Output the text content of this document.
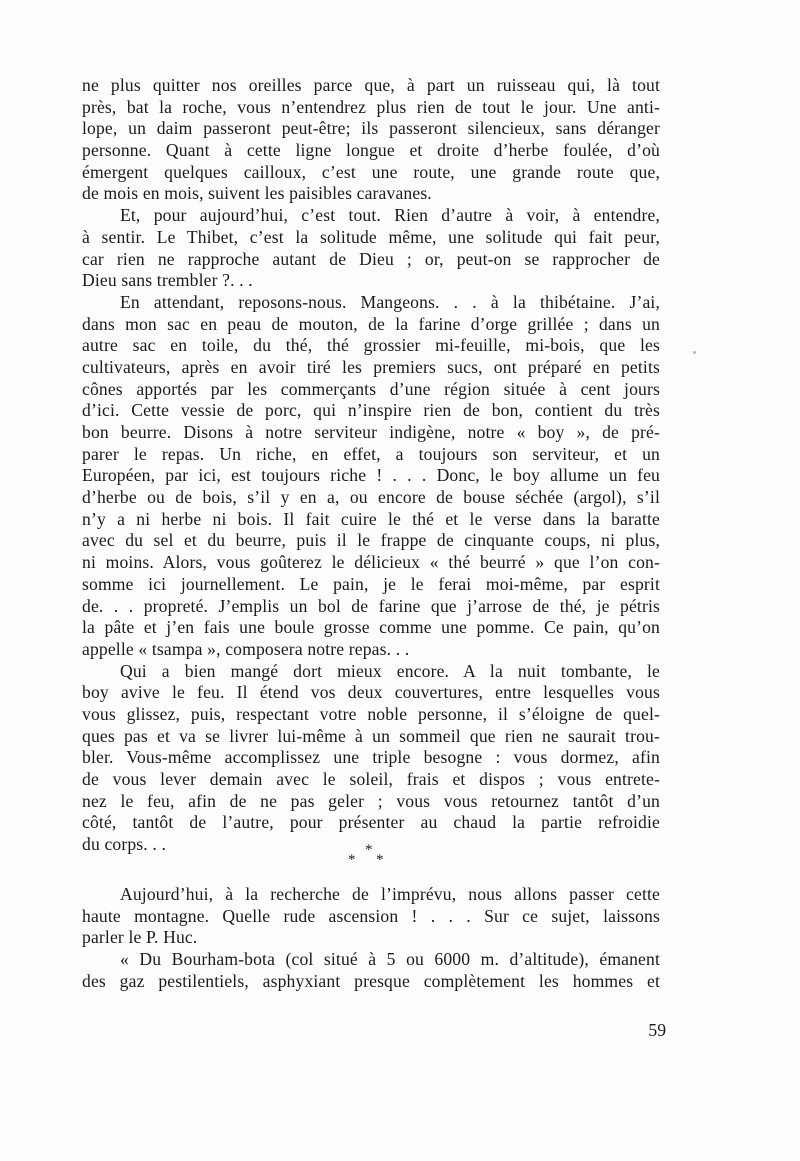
ne plus quitter nos oreilles parce que, à part un ruisseau qui, là tout
près, bat la roche, vous n’entendrez plus rien de tout le jour. Une anti-
lope, un daim passeront peut-être; ils passeront silencieux, sans déranger
personne. Quant à cette ligne longue et droite d’herbe foulée, d’où
émergent quelques cailloux, c’est une route, une grande route que,
de mois en mois, suivent les paisibles caravanes.
Et, pour aujourd’hui, c’est tout. Rien d’autre à voir, à entendre,
à sentir. Le Thibet, c’est la solitude même, une solitude qui fait peur,
car rien ne rapproche autant de Dieu ; or, peut-on se rapprocher de
Dieu sans trembler ?. . .
En attendant, reposons-nous. Mangeons. . . à la thibétaine. J’ai,
dans mon sac en peau de mouton, de la farine d’orge grillée ; dans un
autre sac en toile, du thé, thé grossier mi-feuille, mi-bois, que les
cultivateurs, après en avoir tiré les premiers sucs, ont préparé en petits
cônes apportés par les commerçants d’une région située à cent jours
d’ici. Cette vessie de porc, qui n’inspire rien de bon, contient du très
bon beurre. Disons à notre serviteur indigène, notre « boy », de pré-
parer le repas. Un riche, en effet, a toujours son serviteur, et un
Européen, par ici, est toujours riche ! . . . Donc, le boy allume un feu
d’herbe ou de bois, s’il y en a, ou encore de bouse séchée (argol), s’il
n’y a ni herbe ni bois. Il fait cuire le thé et le verse dans la baratte
avec du sel et du beurre, puis il le frappe de cinquante coups, ni plus,
ni moins. Alors, vous goûterez le délicieux « thé beurré » que l’on con-
somme ici journellement. Le pain, je le ferai moi-même, par esprit
de. . . propreté. J’emplis un bol de farine que j’arrose de thé, je pétris
la pâte et j’en fais une boule grosse comme une pomme. Ce pain, qu’on
appelle « tsampa », composera notre repas. . .
Qui a bien mangé dort mieux encore. A la nuit tombante, le
boy avive le feu. Il étend vos deux couvertures, entre lesquelles vous
vous glissez, puis, respectant votre noble personne, il s’éloigne de quel-
ques pas et va se livrer lui-même à un sommeil que rien ne saurait trou-
bler. Vous-même accomplissez une triple besogne : vous dormez, afin
de vous lever demain avec le soleil, frais et dispos ; vous entrete-
nez le feu, afin de ne pas geler ; vous vous retournez tantôt d’un
côté, tantôt de l’autre, pour présenter au chaud la partie refroidie
du corps. . .	*
* *
Aujourd’hui, à la recherche de l’imprévu, nous allons passer cette
haute montagne. Quelle rude ascension ! . . . Sur ce sujet, laissons
parler le P. Huc.
« Du Bourham-bota (col situé à 5 ou 6000 m. d’altitude), émanent
des gaz pestilentiels, asphyxiant presque complètement les hommes et
59
